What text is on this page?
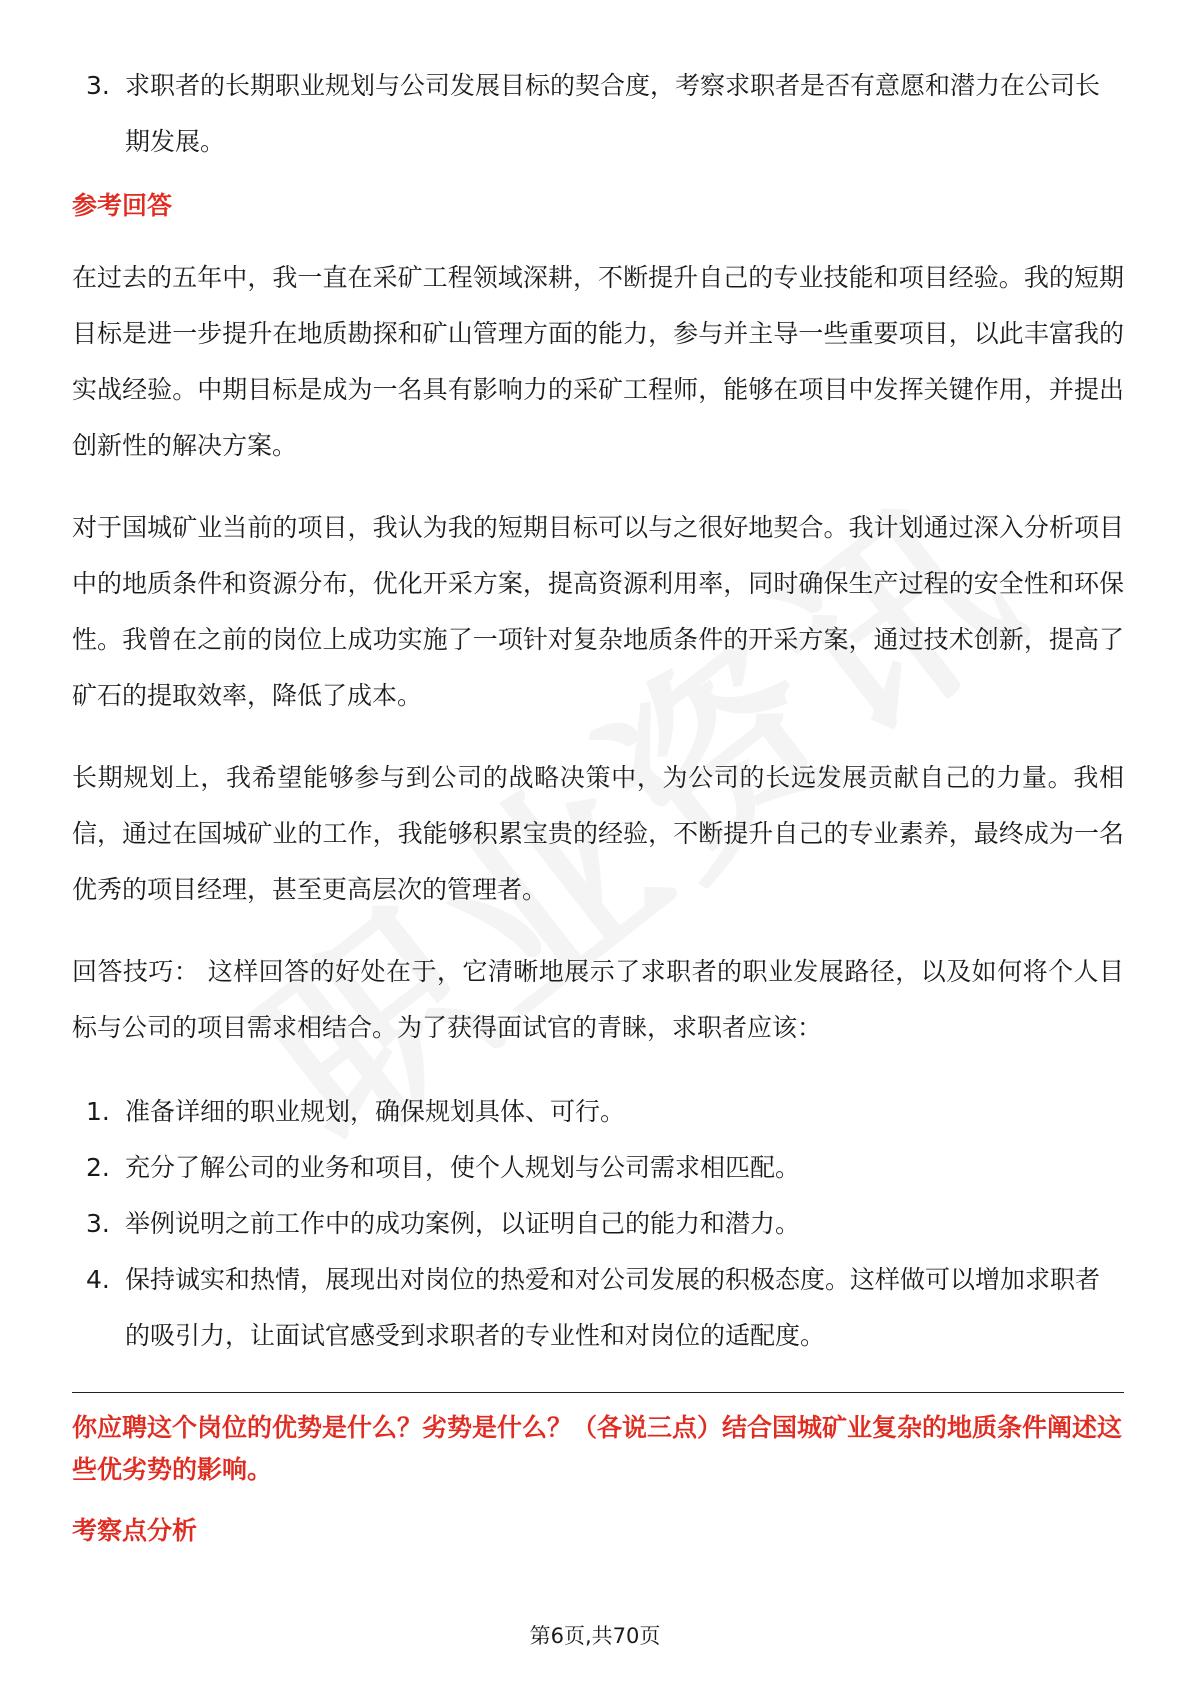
3. 求职者的长期职业规划与公司发展目标的契合度，考察求职者是否有意愿和潜力在公司长期发展。
参考回答

在过去的五年中，我一直在采矿工程领域深耕，不断提升自己的专业技能和项目经验。我的短期目标是进一步提升在地质勘探和矿山管理方面的能力，参与并主导一些重要项目，以此丰富我的实战经验。中期目标是成为一名具有影响力的采矿工程师，能够在项目中发挥关键作用，并提出创新性的解决方案。

对于国城矿业当前的项目，我认为我的短期目标可以与之很好地契合。我计划通过深入分析项目中的地质条件和资源分布，优化开采方案，提高资源利用率，同时确保生产过程的安全性和环保性。我曾在之前的岗位上成功实施了一项针对复杂地质条件的开采方案，通过技术创新，提高了矿石的提取效率，降低了成本。

长期规划上，我希望能够参与到公司的战略决策中，为公司的长远发展贡献自己的力量。我相信，通过在国城矿业的工作，我能够积累宝贵的经验，不断提升自己的专业素养，最终成为一名优秀的项目经理，甚至更高层次的管理者。

回答技巧： 这样回答的好处在于，它清晰地展示了求职者的职业发展路径，以及如何将个人目标与公司的项目需求相结合。为了获得面试官的青睐，求职者应该：

1. 准备详细的职业规划，确保规划具体、可行。
2. 充分了解公司的业务和项目，使个人规划与公司需求相匹配。
3. 举例说明之前工作中的成功案例，以证明自己的能力和潜力。
4. 保持诚实和热情，展现出对岗位的热爱和对公司发展的积极态度。这样做可以增加求职者的吸引力，让面试官感受到求职者的专业性和对岗位的适配度。
你应聘这个岗位的优势是什么？劣势是什么？（各说三点）结合国城矿业复杂的地质条件阐述这些优劣势的影响。
考察点分析
第6页,共70页
